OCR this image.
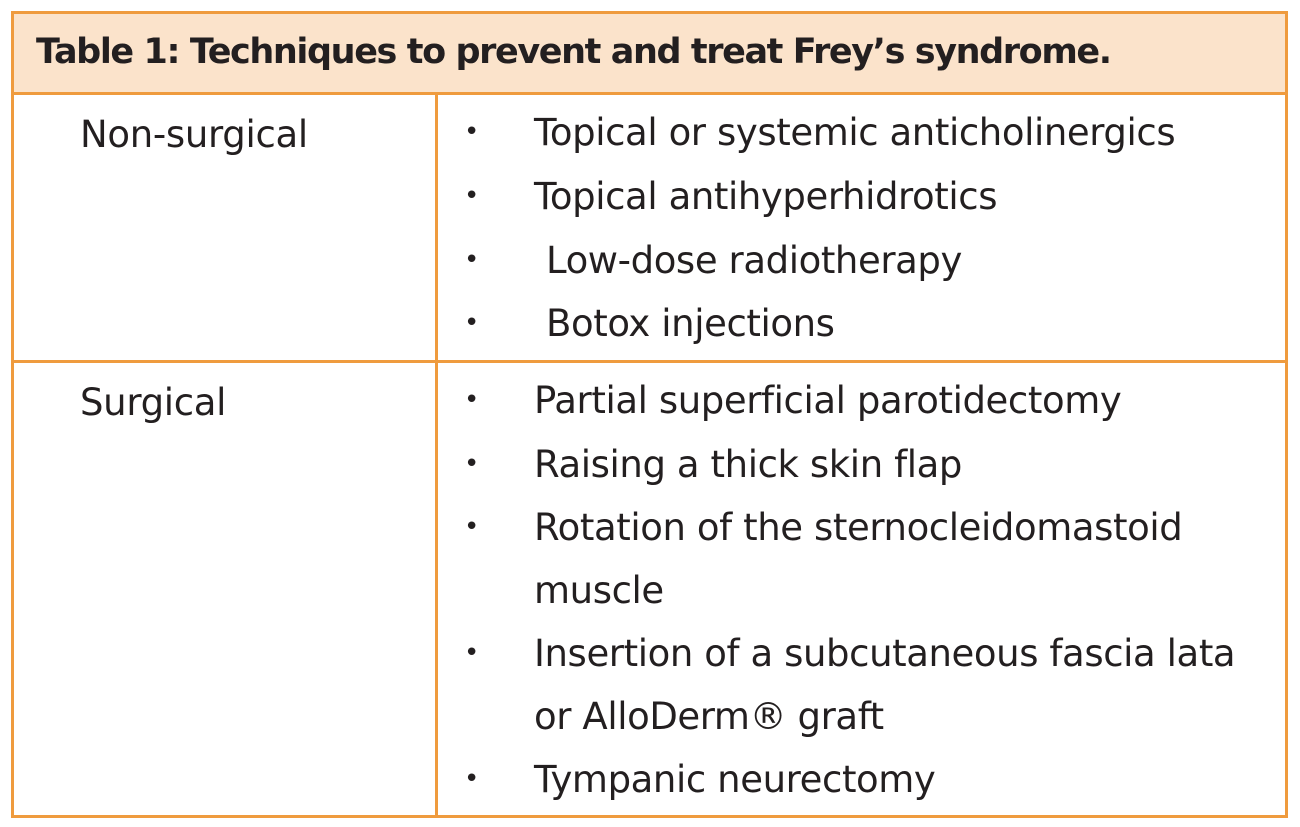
Table 1: Techniques to prevent and treat Frey’s syndrome.
Non-surgical	• Topical or systemic anticholinergics
• Topical antihyperhidrotics
• Low-dose radiotherapy
• Botox injections
Surgical	• Partial superficial parotidectomy
• Raising a thick skin flap
• Rotation of the sternocleidomastoid muscle
• Insertion of a subcutaneous fascia lata or AlloDerm® graft
• Tympanic neurectomy
